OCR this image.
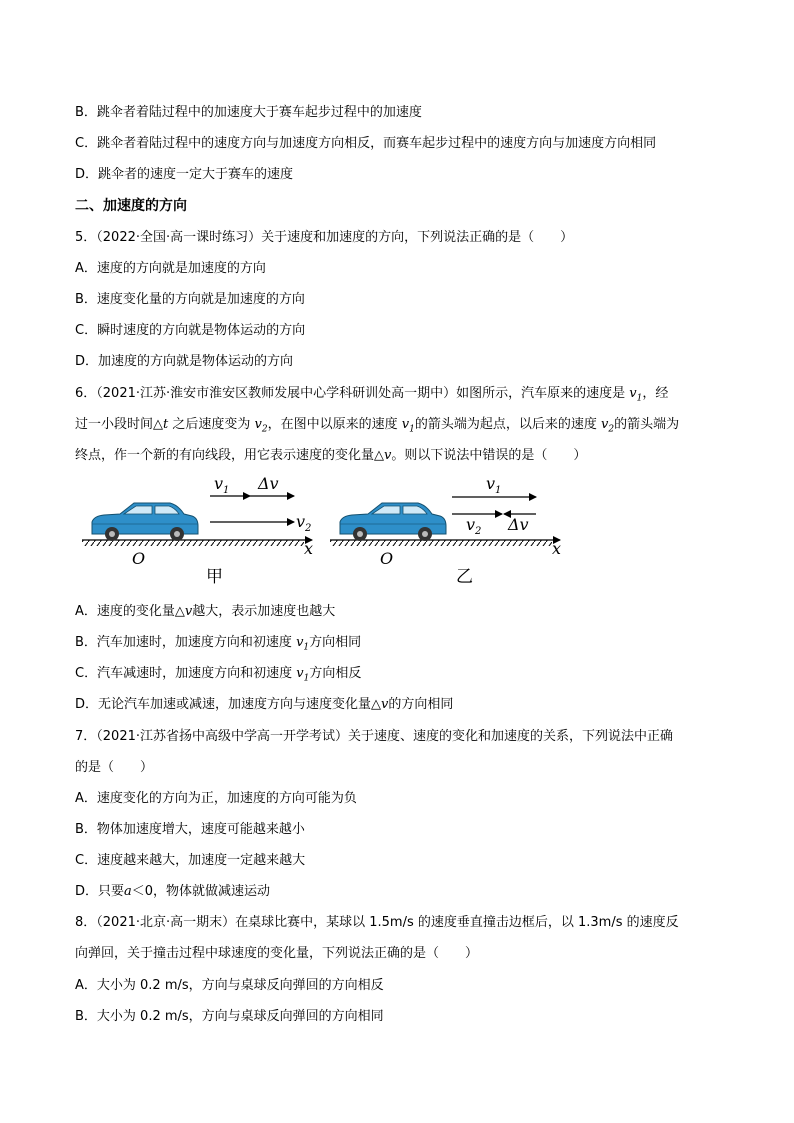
B．跳伞者着陆过程中的加速度大于赛车起步过程中的加速度
C．跳伞者着陆过程中的速度方向与加速度方向相反，而赛车起步过程中的速度方向与加速度方向相同
D．跳伞者的速度一定大于赛车的速度
二、加速度的方向
5．（2022·全国·高一课时练习）关于速度和加速度的方向，下列说法正确的是（　　）
A．速度的方向就是加速度的方向
B．速度变化量的方向就是加速度的方向
C．瞬时速度的方向就是物体运动的方向
D．加速度的方向就是物体运动的方向
6．（2021·江苏·淮安市淮安区教师发展中心学科研训处高一期中）如图所示，汽车原来的速度是 $v_1$，经
过一小段时间△t 之后速度变为 $v_2$，在图中以原来的速度 $v_1$的箭头端为起点，以后来的速度 $v_2$的箭头端为
终点，作一个新的有向线段，用它表示速度的变化量△v。则以下说法中错误的是（　　）
$v_1$ Δv
$v_2$
O
x
甲
$v_1$
$v_2$ Δv
O
x
乙
A．速度的变化量△v越大，表示加速度也越大
B．汽车加速时，加速度方向和初速度 $v_1$方向相同
C．汽车减速时，加速度方向和初速度 $v_1$方向相反
D．无论汽车加速或减速，加速度方向与速度变化量△v的方向相同
7．（2021·江苏省扬中高级中学高一开学考试）关于速度、速度的变化和加速度的关系，下列说法中正确
的是（　　）
A．速度变化的方向为正，加速度的方向可能为负
B．物体加速度增大，速度可能越来越小
C．速度越来越大，加速度一定越来越大
D．只要a＜0，物体就做减速运动
8．（2021·北京·高一期末）在桌球比赛中，某球以 1.5m/s 的速度垂直撞击边框后，以 1.3m/s 的速度反
向弹回，关于撞击过程中球速度的变化量，下列说法正确的是（　　）
A．大小为 0.2 m/s，方向与桌球反向弹回的方向相反
B．大小为 0.2 m/s，方向与桌球反向弹回的方向相同
